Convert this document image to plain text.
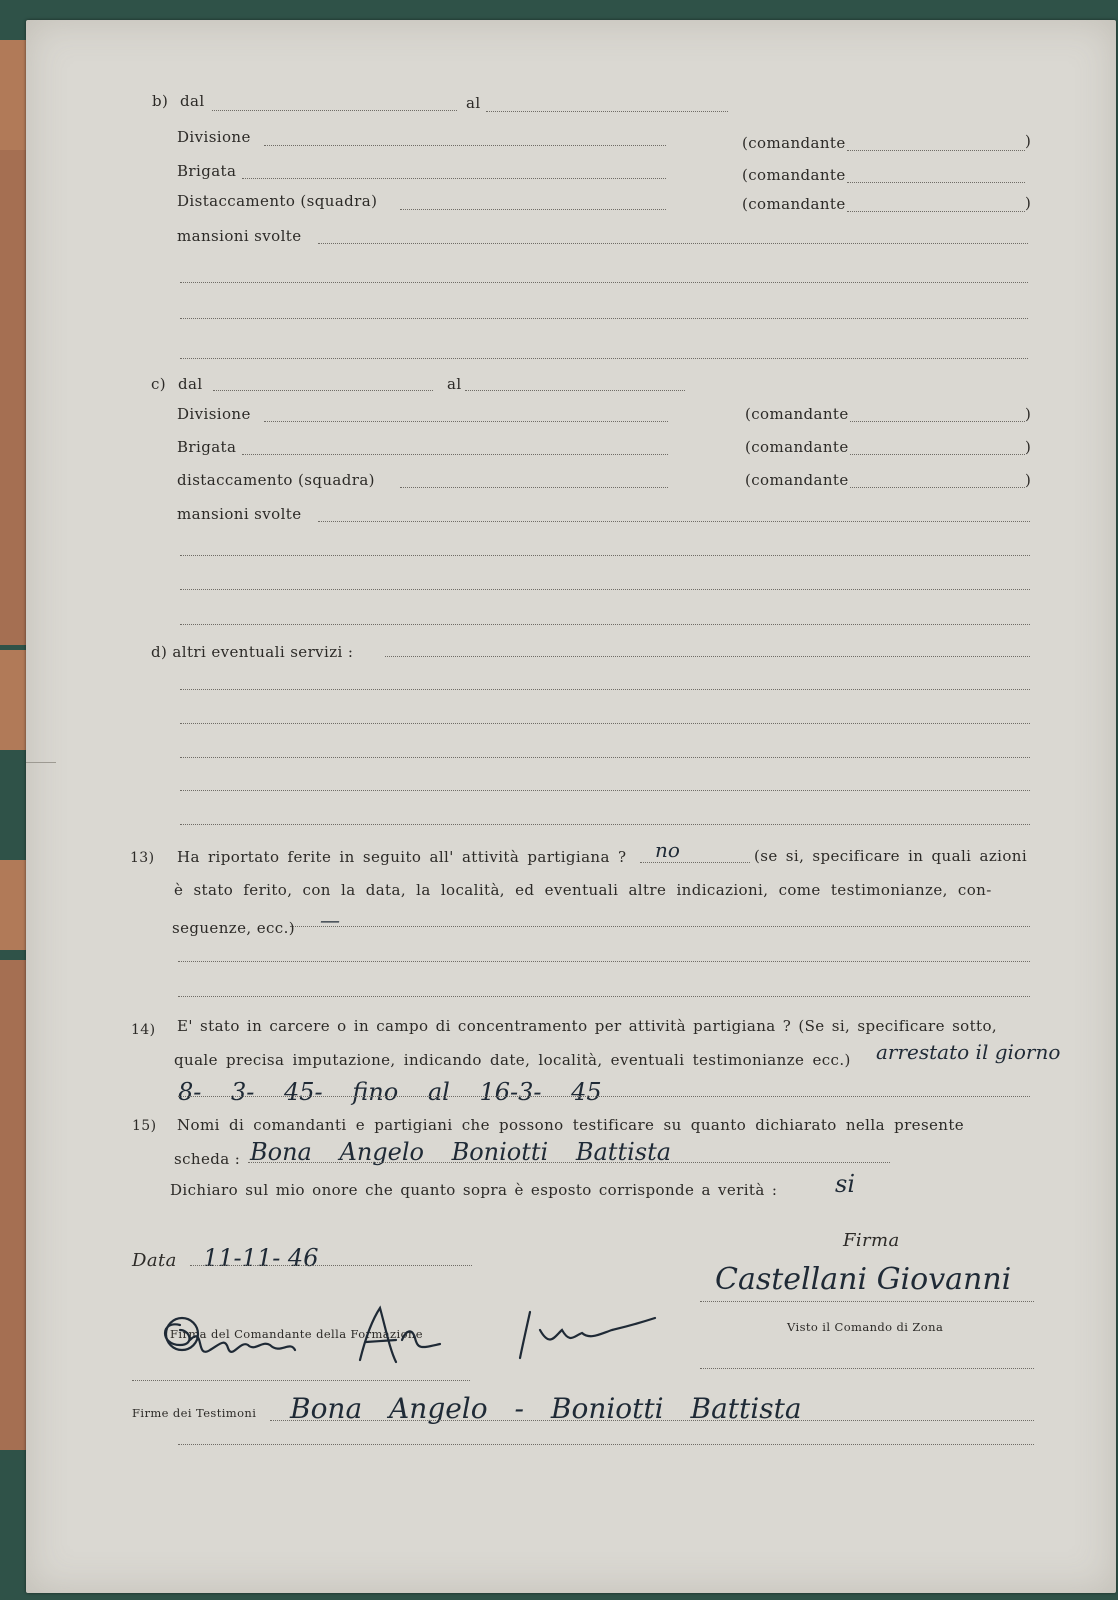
b) dal	al
Divisione	(comandante	)
Brigata	(comandante
Distaccamento (squadra)	(comandante	)
mansioni svolte
c) dal	al
Divisione	(comandante	)
Brigata	(comandante	)
distaccamento (squadra)	(comandante	)
mansioni svolte
d) altri eventuali servizi :
13) Ha riportato ferite in seguito all' attività partigiana ? no	(se si, specificare in quali azioni
è stato ferito, con la data, la località, ed eventuali altre indicazioni, come testimonianze, con-
seguenze, ecc.) —
14) E' stato in carcere o in campo di concentramento per attività partigiana ? (Se si, specificare sotto,
quale precisa imputazione, indicando date, località, eventuali testimonianze ecc.) arrestato il giorno
8- 3- 45- fino al 16-3- 45
15) Nomi di comandanti e partigiani che possono testificare su quanto dichiarato nella presente
scheda : Bona Angelo Boniotti Battista
Dichiaro sul mio onore che quanto sopra è esposto corrisponde a verità : si
Firma
Data 11-11- 46
Castellani Giovanni
Firma del Comandante della Formazione	Visto il Comando di Zona
Firme dei Testimoni Bona Angelo - Boniotti Battista
